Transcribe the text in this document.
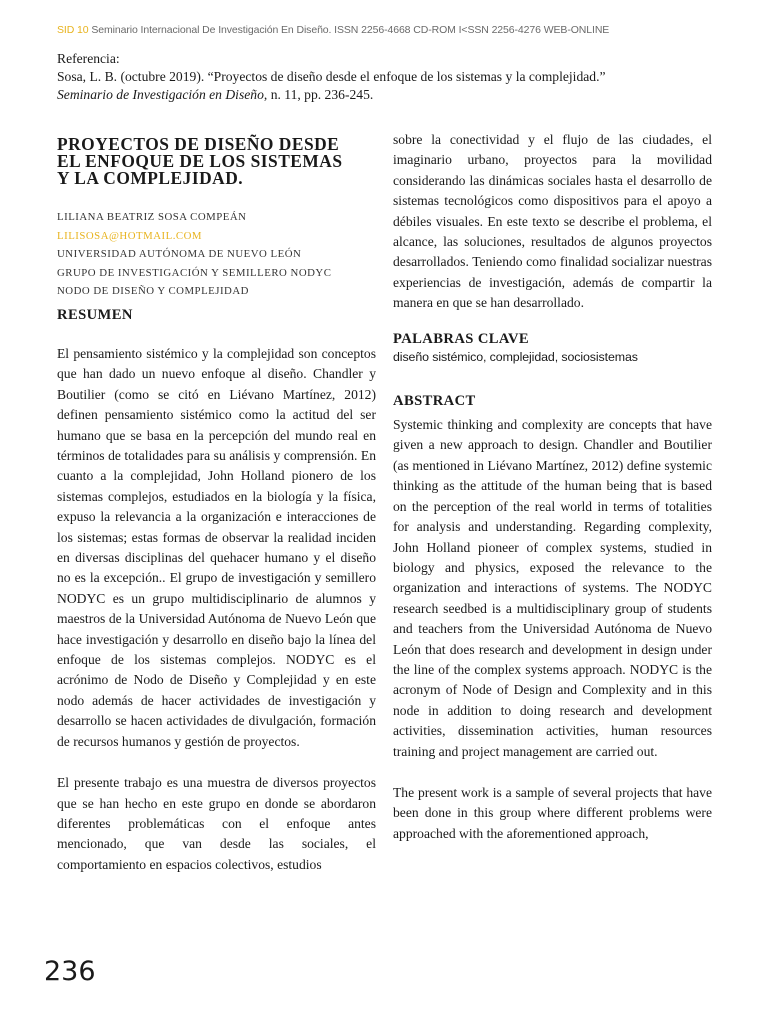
SID 10 Seminario Internacional De Investigación En Diseño. ISSN 2256-4668 CD-ROM I<SSN 2256-4276 WEB-ONLINE
Referencia:
Sosa, L. B. (octubre 2019). “Proyectos de diseño desde el enfoque de los sistemas y la complejidad.”
Seminario de Investigación en Diseño, n. 11, pp. 236-245.
PROYECTOS DE DISEÑO DESDE
EL ENFOQUE DE LOS SISTEMAS
Y LA COMPLEJIDAD.
LILIANA BEATRIZ SOSA COMPEÁN
LILISOSA@HOTMAIL.COM
UNIVERSIDAD AUTÓNOMA DE NUEVO LEÓN
GRUPO DE INVESTIGACIÓN Y SEMILLERO NODYC
NODO DE DISEÑO Y COMPLEJIDAD
RESUMEN

El pensamiento sistémico y la complejidad son conceptos que han dado un nuevo enfoque al diseño. Chandler y Boutilier (como se citó en Liévano Martínez, 2012) definen pensamiento sistémico como la actitud del ser humano que se basa en la percepción del mundo real en términos de totalidades para su análisis y comprensión. En cuanto a la complejidad, John Holland pionero de los sistemas complejos, estudiados en la biología y la física, expuso la relevancia a la organización e interacciones de los sistemas; estas formas de observar la realidad inciden en diversas disciplinas del quehacer humano y el diseño no es la excepción.. El grupo de investigación y semillero NODYC es un grupo multidisciplinario de alumnos y maestros de la Universidad Autónoma de Nuevo León que hace investigación y desarrollo en diseño bajo la línea del enfoque de los sistemas complejos. NODYC es el acrónimo de Nodo de Diseño y Complejidad y en este nodo además de hacer actividades de investigación y desarrollo se hacen actividades de divulgación, formación de recursos humanos y gestión de proyectos.

El presente trabajo es una muestra de diversos proyectos que se han hecho en este grupo en donde se abordaron diferentes problemáticas con el enfoque antes mencionado, que van desde las sociales, el comportamiento en espacios colectivos, estudios

sobre la conectividad y el flujo de las ciudades, el imaginario urbano, proyectos para la movilidad considerando las dinámicas sociales hasta el desarrollo de sistemas tecnológicos como dispositivos para el apoyo a débiles visuales. En este texto se describe el problema, el alcance, las soluciones, resultados de algunos proyectos desarrollados. Teniendo como finalidad socializar nuestras experiencias de investigación, además de compartir la manera en que se han desarrollado.

PALABRAS CLAVE
diseño sistémico, complejidad, sociosistemas
ABSTRACT

Systemic thinking and complexity are concepts that have given a new approach to design. Chandler and Boutilier (as mentioned in Liévano Martínez, 2012) define systemic thinking as the attitude of the human being that is based on the perception of the real world in terms of totalities for analysis and understanding. Regarding complexity, John Holland pioneer of complex systems, studied in biology and physics, exposed the relevance to the organization and interactions of systems. The NODYC research seedbed is a multidisciplinary group of students and teachers from the Universidad Autónoma de Nuevo León that does research and development in design under the line of the complex systems approach. NODYC is the acronym of Node of Design and Complexity and in this node in addition to doing research and development activities, dissemination activities, human resources training and project management are carried out.

The present work is a sample of several projects that have been done in this group where different problems were approached with the aforementioned approach,

236
